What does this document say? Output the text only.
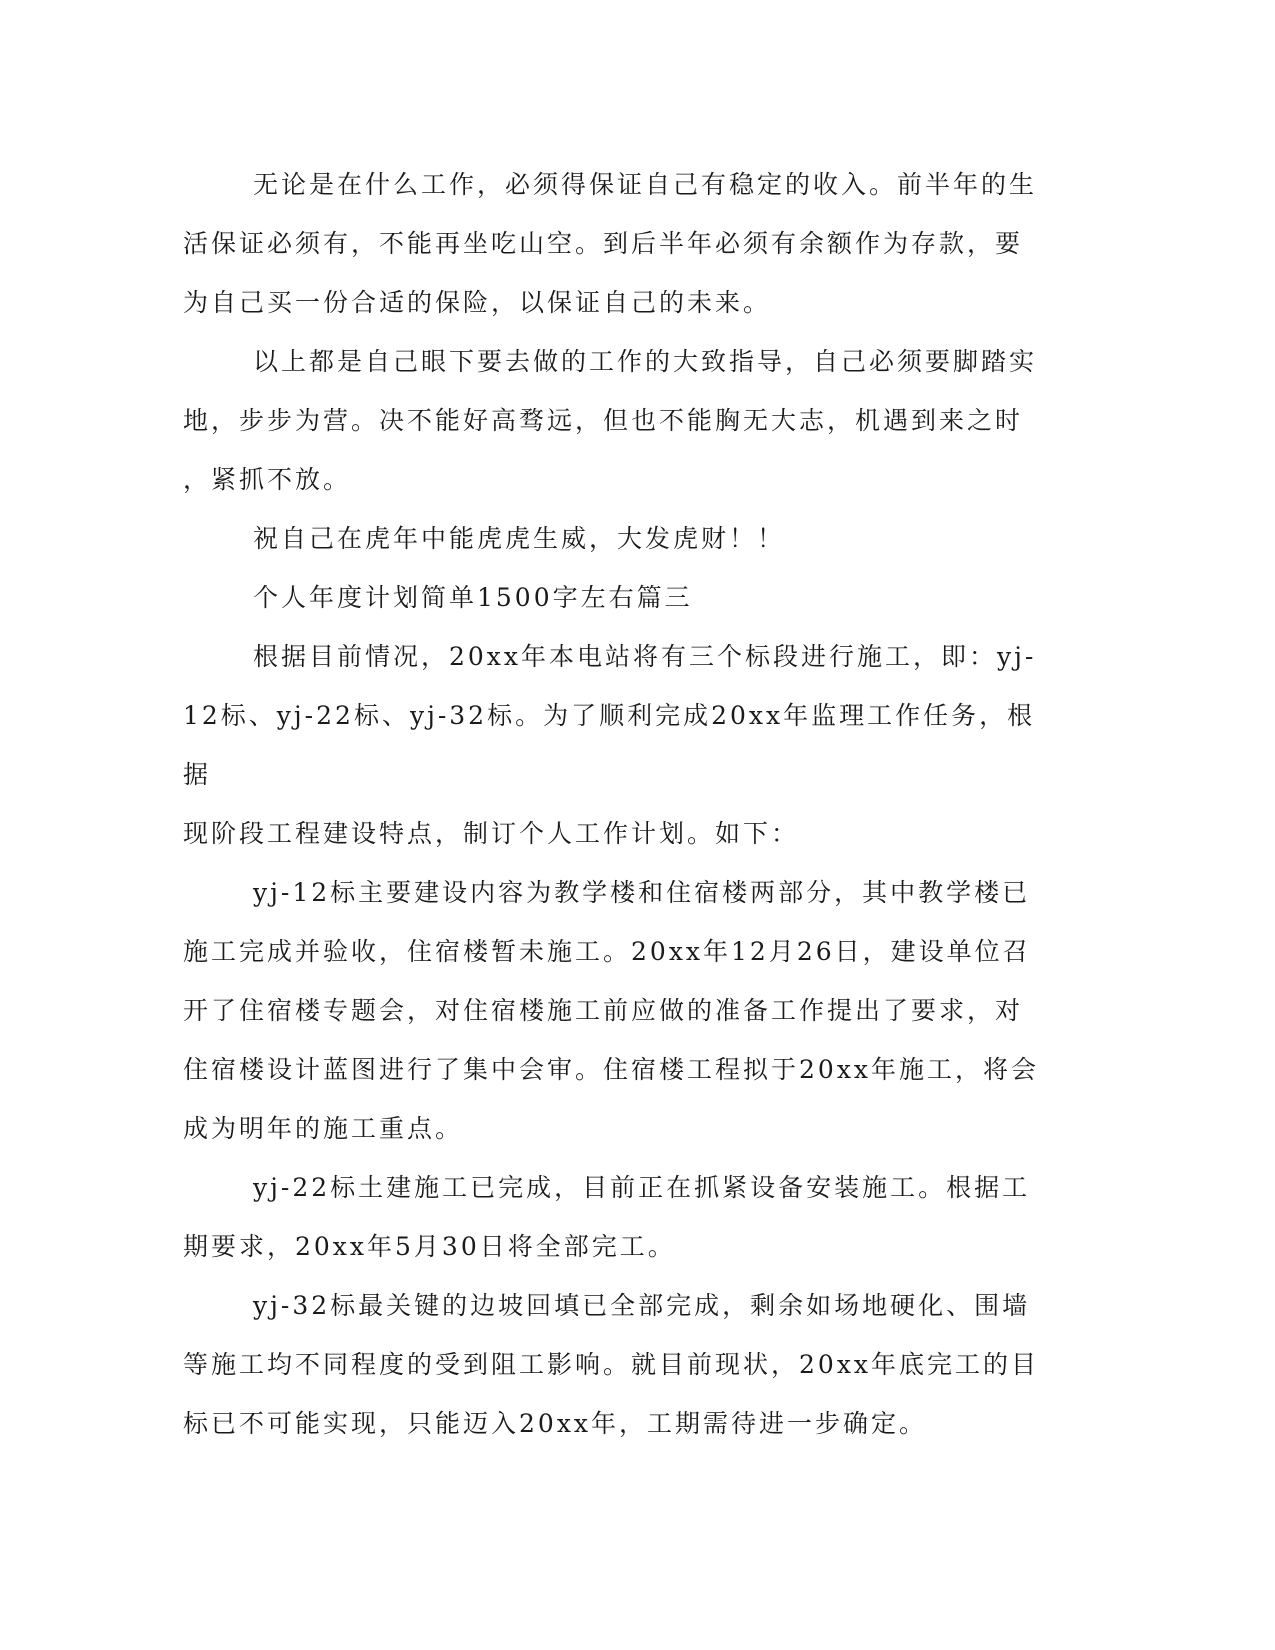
无论是在什么工作，必须得保证自己有稳定的收入。前半年的生
活保证必须有，不能再坐吃山空。到后半年必须有余额作为存款，要
为自己买一份合适的保险，以保证自己的未来。

以上都是自己眼下要去做的工作的大致指导，自己必须要脚踏实
地，步步为营。决不能好高骛远，但也不能胸无大志，机遇到来之时
，紧抓不放。

祝自己在虎年中能虎虎生威，大发虎财！！

个人年度计划简单1500字左右篇三

根据目前情况，20xx年本电站将有三个标段进行施工，即：yj-
12标、yj-22标、yj-32标。为了顺利完成20xx年监理工作任务，根据
现阶段工程建设特点，制订个人工作计划。如下：

yj-12标主要建设内容为教学楼和住宿楼两部分，其中教学楼已
施工完成并验收，住宿楼暂未施工。20xx年12月26日，建设单位召
开了住宿楼专题会，对住宿楼施工前应做的准备工作提出了要求，对
住宿楼设计蓝图进行了集中会审。住宿楼工程拟于20xx年施工，将会
成为明年的施工重点。

yj-22标土建施工已完成，目前正在抓紧设备安装施工。根据工
期要求，20xx年5月30日将全部完工。

yj-32标最关键的边坡回填已全部完成，剩余如场地硬化、围墙
等施工均不同程度的受到阻工影响。就目前现状，20xx年底完工的目
标已不可能实现，只能迈入20xx年，工期需待进一步确定。
